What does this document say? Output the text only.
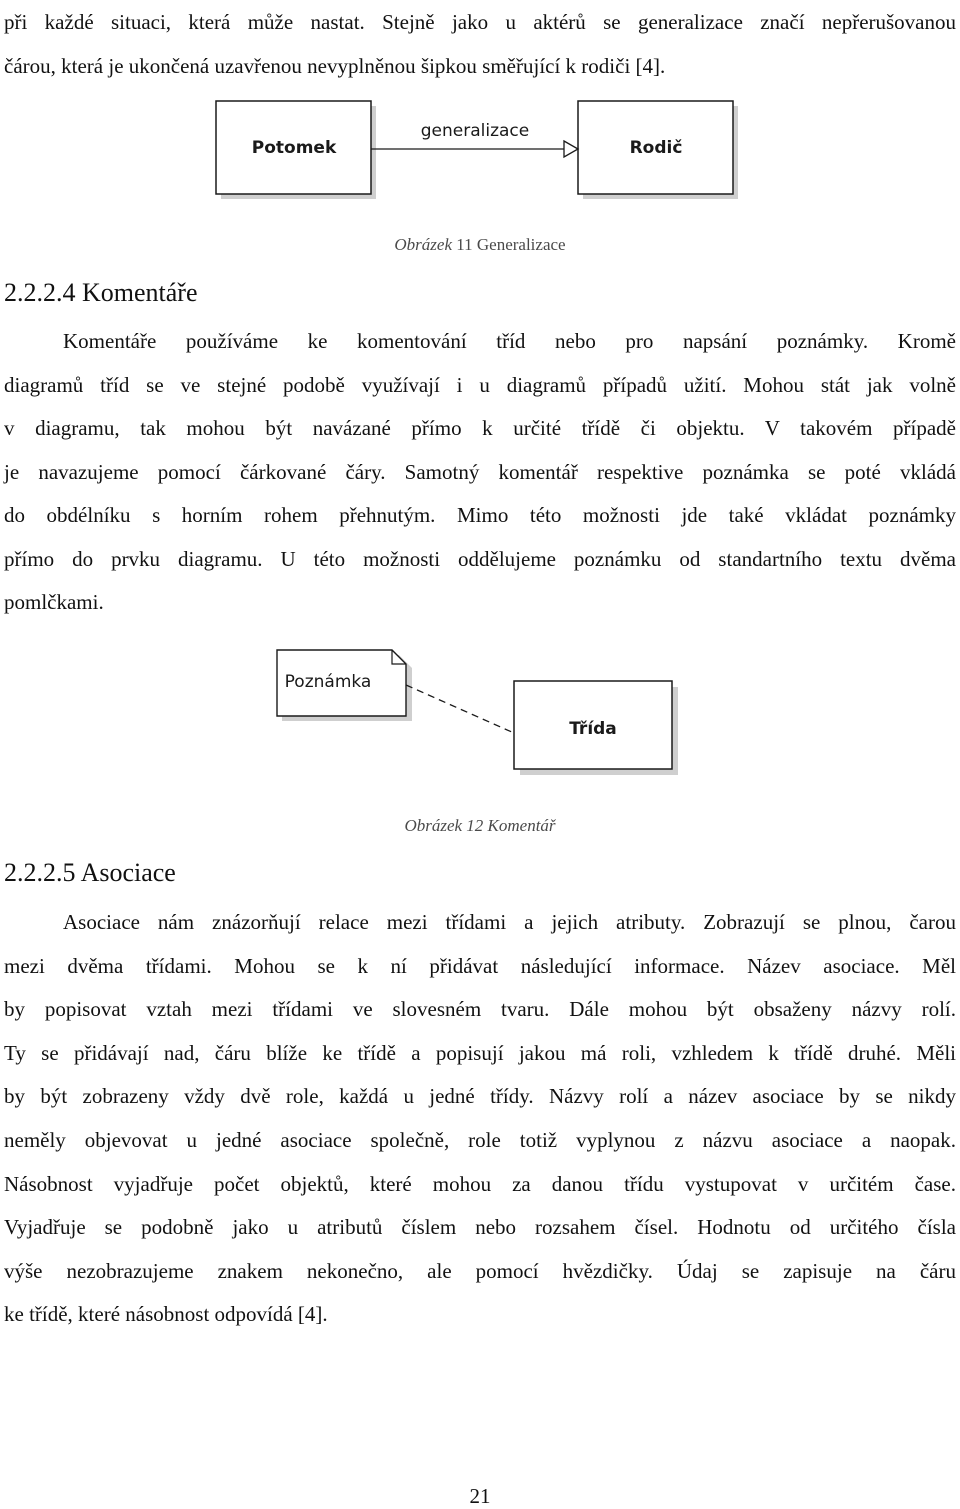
při každé situaci, která může nastat. Stejně jako u aktérů se generalizace značí nepřerušovanou
čárou, která je ukončená uzavřenou nevyplněnou šipkou směřující k rodiči [4].
Potomek	Rodič
generalizace
Obrázek 11 Generalizace
2.2.2.4 Komentáře
Komentáře používáme ke komentování tříd nebo pro napsání poznámky. Kromě
diagramů tříd se ve stejné podobě využívají i u diagramů případů užití. Mohou stát jak volně
v diagramu, tak mohou být navázané přímo k určité třídě či objektu. V takovém případě
je navazujeme pomocí čárkované čáry. Samotný komentář respektive poznámka se poté vkládá
do obdélníku s horním rohem přehnutým. Mimo této možnosti jde také vkládat poznámky
přímo do prvku diagramu. U této možnosti oddělujeme poznámku od standartního textu dvěma
pomlčkami.
Poznámka
Třída
Obrázek 12 Komentář
2.2.2.5 Asociace
Asociace nám znázorňují relace mezi třídami a jejich atributy. Zobrazují se plnou, čarou
mezi dvěma třídami. Mohou se k ní přidávat následující informace. Název asociace. Měl
by popisovat vztah mezi třídami ve slovesném tvaru. Dále mohou být obsaženy názvy rolí.
Ty se přidávají nad, čáru blíže ke třídě a popisují jakou má roli, vzhledem k třídě druhé. Měli
by být zobrazeny vždy dvě role, každá u jedné třídy. Názvy rolí a název asociace by se nikdy
neměly objevovat u jedné asociace společně, role totiž vyplynou z názvu asociace a naopak.
Násobnost vyjadřuje počet objektů, které mohou za danou třídu vystupovat v určitém čase.
Vyjadřuje se podobně jako u atributů číslem nebo rozsahem čísel. Hodnotu od určitého čísla
výše nezobrazujeme znakem nekonečno, ale pomocí hvězdičky. Údaj se zapisuje na čáru
ke třídě, které násobnost odpovídá [4].
21
